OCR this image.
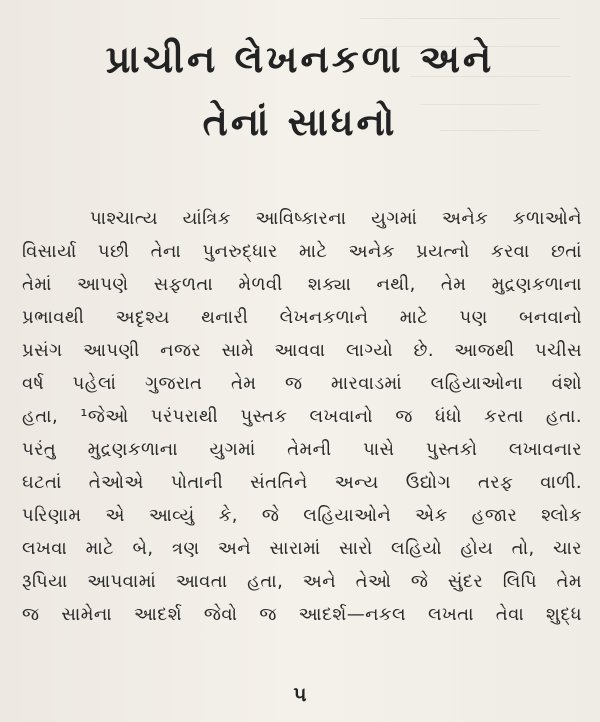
પ્રાચીન લેખનકળા અને
તેનાં સાધનો
પાશ્ચાત્ય યાંત્રિક આવિષ્કારના યુગમાં અનેક કળાઓને
વિસાર્યા પછી તેના પુનરુદ્ધાર માટે અનેક પ્રયત્નો કરવા છતાં
તેમાં આપણે સફળતા મેળવી શક્યા નથી, તેમ મુદ્રણકળાના
પ્રભાવથી અદૃશ્ય થનારી લેખનકળાને માટે પણ બનવાનો
પ્રસંગ આપણી નજર સામે આવવા લાગ્યો છે. આજથી પચીસ
વર્ષ પહેલાં ગુજરાત તેમ જ મારવાડમાં લહિયાઓના વંશો
હતા, ¹જેઓ પરંપરાથી પુસ્તક લખવાનો જ ધંધો કરતા હતા.
પરંતુ મુદ્રણકળાના યુગમાં તેમની પાસે પુસ્તકો લખાવનાર
ઘટતાં તેઓએ પોતાની સંતતિને અન્ય ઉદ્યોગ તરફ વાળી.
પરિણામ એ આવ્યું કે, જે લહિયાઓને એક હજાર શ્લોક
લખવા માટે બે, ત્રણ અને સારામાં સારો લહિયો હોય તો, ચાર
રૂપિયા આપવામાં આવતા હતા, અને તેઓ જે સુંદર લિપિ તેમ
જ સામેના આદર્શ જેવો જ આદર્શ—નકલ લખતા તેવા શુદ્ધ
૫
